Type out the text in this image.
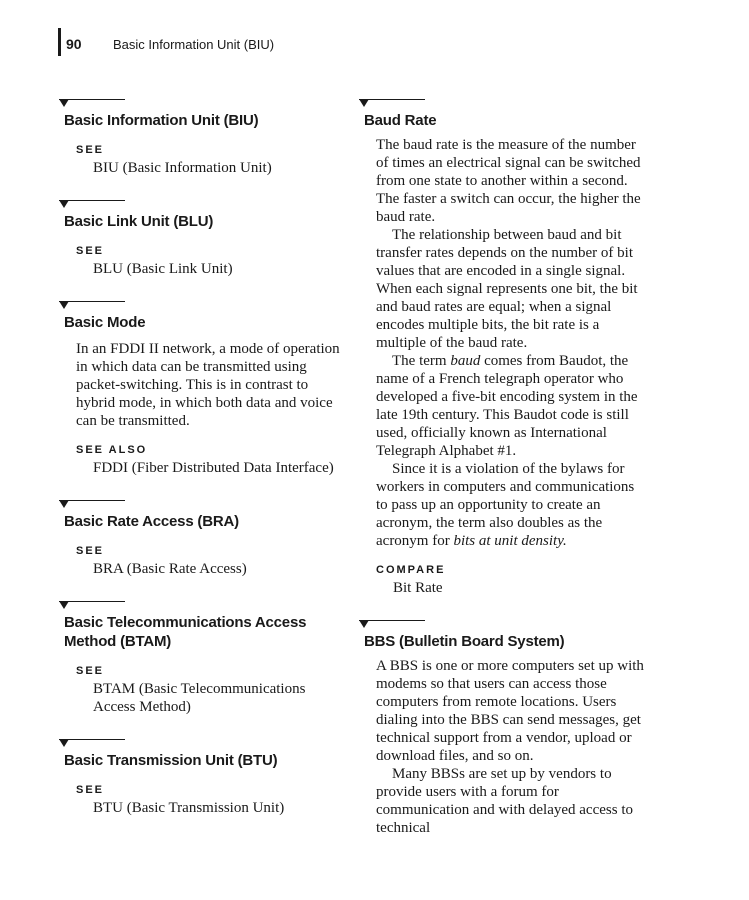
90 Basic Information Unit (BIU)
Basic Information Unit (BIU)
SEE
BIU (Basic Information Unit)
Basic Link Unit (BLU)
SEE
BLU (Basic Link Unit)
Basic Mode

In an FDDI II network, a mode of operation in which data can be transmitted using packet-switching. This is in contrast to hybrid mode, in which both data and voice can be transmitted.

SEE ALSO
FDDI (Fiber Distributed Data Interface)
Basic Rate Access (BRA)
SEE
BRA (Basic Rate Access)
Basic Telecommunications Access Method (BTAM)
SEE
BTAM (Basic Telecommunications Access Method)
Basic Transmission Unit (BTU)
SEE
BTU (Basic Transmission Unit)
Baud Rate

The baud rate is the measure of the number of times an electrical signal can be switched from one state to another within a second. The faster a switch can occur, the higher the baud rate.

The relationship between baud and bit transfer rates depends on the number of bit values that are encoded in a single signal. When each signal represents one bit, the bit and baud rates are equal; when a signal encodes multiple bits, the bit rate is a multiple of the baud rate.

The term baud comes from Baudot, the name of a French telegraph operator who developed a five-bit encoding system in the late 19th century. This Baudot code is still used, officially known as International Telegraph Alphabet #1.

Since it is a violation of the bylaws for workers in computers and communications to pass up an opportunity to create an acronym, the term also doubles as the acronym for bits at unit density.

COMPARE
Bit Rate
BBS (Bulletin Board System)

A BBS is one or more computers set up with modems so that users can access those computers from remote locations. Users dialing into the BBS can send messages, get technical support from a vendor, upload or download files, and so on.

Many BBSs are set up by vendors to provide users with a forum for communication and with delayed access to technical
